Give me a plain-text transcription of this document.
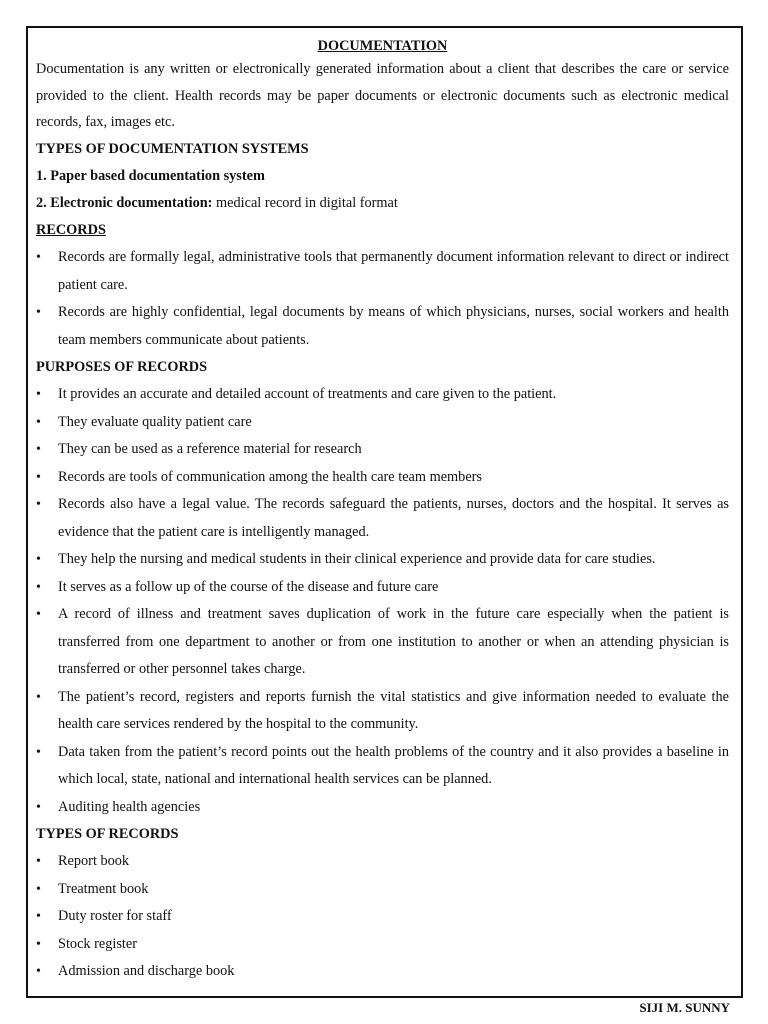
DOCUMENTATION

Documentation is any written or electronically generated information about a client that describes the care or service provided to the client. Health records may be paper documents or electronic documents such as electronic medical records, fax, images etc.

TYPES OF DOCUMENTATION SYSTEMS
1. Paper based documentation system
2. Electronic documentation: medical record in digital format
RECORDS
• Records are formally legal, administrative tools that permanently document information relevant to direct or indirect patient care.
• Records are highly confidential, legal documents by means of which physicians, nurses, social workers and health team members communicate about patients.
PURPOSES OF RECORDS
• It provides an accurate and detailed account of treatments and care given to the patient.
• They evaluate quality patient care
• They can be used as a reference material for research
• Records are tools of communication among the health care team members
• Records also have a legal value. The records safeguard the patients, nurses, doctors and the hospital. It serves as evidence that the patient care is intelligently managed.
• They help the nursing and medical students in their clinical experience and provide data for care studies.
• It serves as a follow up of the course of the disease and future care
• A record of illness and treatment saves duplication of work in the future care especially when the patient is transferred from one department to another or from one institution to another or when an attending physician is transferred or other personnel takes charge.
• The patient’s record, registers and reports furnish the vital statistics and give information needed to evaluate the health care services rendered by the hospital to the community.
• Data taken from the patient’s record points out the health problems of the country and it also provides a baseline in which local, state, national and international health services can be planned.
• Auditing health agencies
TYPES OF RECORDS
• Report book
• Treatment book
• Duty roster for staff
• Stock register
• Admission and discharge book
SIJI M. SUNNY
